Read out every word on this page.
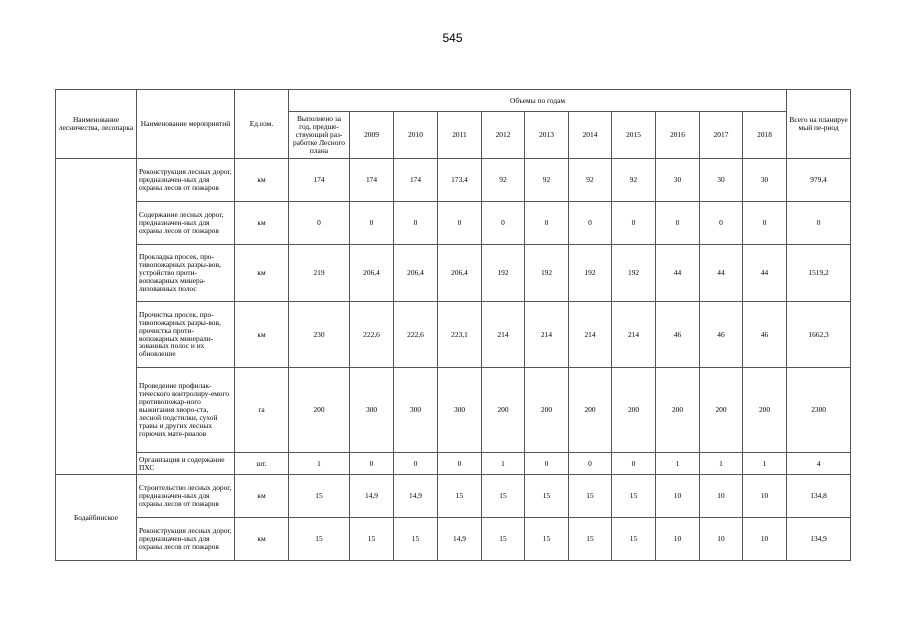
545
Наименование лесничества, лесопарка	Наименование мероприятий	Ед.изм.	Объемы по годам											Всего на планируе мый пе-риод
			Выполнено за год, предше-ствующий раз-работке Лесного плана	2009	2010	2011	2012	2013	2014	2015	2016	2017	2018	
	Реконструкция лесных дорог, предназначен-ных для охраны лесов от пожаров	км	174	174	174	173,4	92	92	92	92	30	30	30	979,4
	Содержание лесных дорог, предназначен-ных для охраны лесов от пожаров	км	0	0	0	0	0	0	0	0	0	0	0	0
	Прокладка просек, про-тивопожарных разры-вов, устройство проти-вопожарных минера-лизованных полос	км	219	206,4	206,4	206,4	192	192	192	192	44	44	44	1519,2
	Прочистка просек, про-тивопожарных разры-вов, прочистка проти-вопожарных минерали-зованных полос и их обновление	км	230	222,6	222,6	223,1	214	214	214	214	46	46	46	1662,3
	Проведение профилак-тического контролиру-емого противопожар-ного выжигания хворо-ста, лесной подстилки, сухой травы и других лесных горючих мате-риалов	га	200	300	300	300	200	200	200	200	200	200	200	2300
	Организация и содержание ПХС	шт.	1	0	0	0	1	0	0	0	1	1	1	4
Бодайбинское	Строительство лесных дорог, предназначен-ных для охраны лесов от пожаров	км	15	14,9	14,9	15	15	15	15	15	10	10	10	134,8
	Реконструкция лесных дорог, предназначен-ных для охраны лесов от пожаров	км	15	15	15	14,9	15	15	15	15	10	10	10	134,9
